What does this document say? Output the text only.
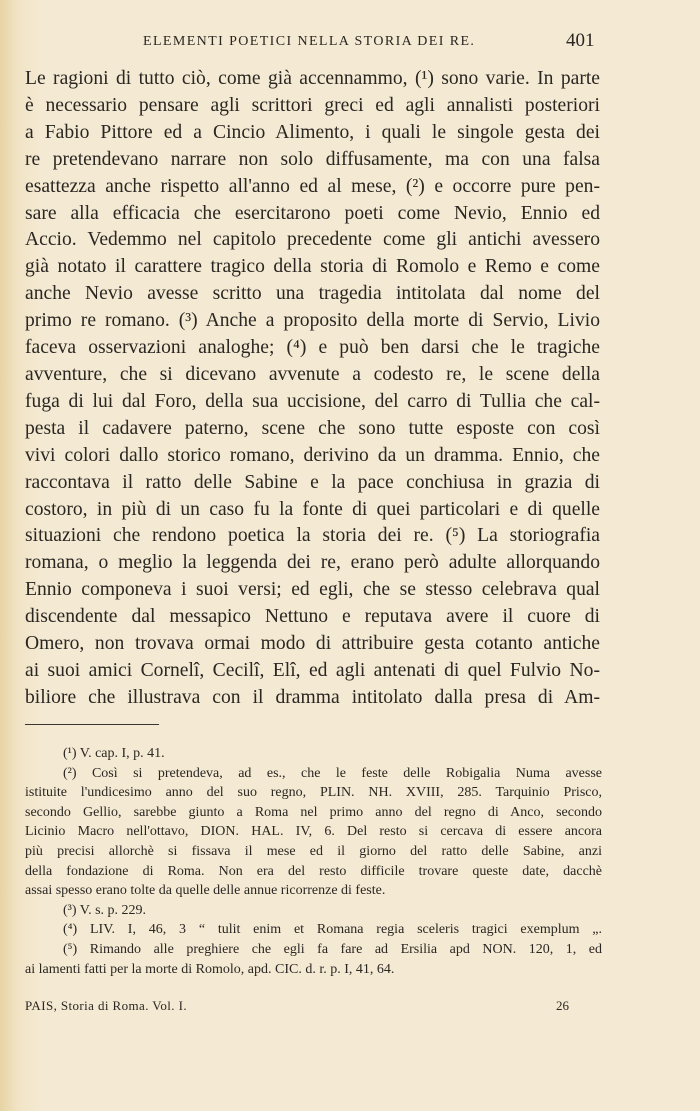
ELEMENTI POETICI NELLA STORIA DEI RE.	401
Le ragioni di tutto ciò, come già accennammo, (¹) sono varie. In parte
è necessario pensare agli scrittori greci ed agli annalisti posteriori
a Fabio Pittore ed a Cincio Alimento, i quali le singole gesta dei
re pretendevano narrare non solo diffusamente, ma con una falsa
esattezza anche rispetto all'anno ed al mese, (²) e occorre pure pen-
sare alla efficacia che esercitarono poeti come Nevio, Ennio ed
Accio. Vedemmo nel capitolo precedente come gli antichi avessero
già notato il carattere tragico della storia di Romolo e Remo e come
anche Nevio avesse scritto una tragedia intitolata dal nome del
primo re romano. (³) Anche a proposito della morte di Servio, Livio
faceva osservazioni analoghe; (⁴) e può ben darsi che le tragiche
avventure, che si dicevano avvenute a codesto re, le scene della
fuga di lui dal Foro, della sua uccisione, del carro di Tullia che cal-
pesta il cadavere paterno, scene che sono tutte esposte con così
vivi colori dallo storico romano, derivino da un dramma. Ennio, che
raccontava il ratto delle Sabine e la pace conchiusa in grazia di
costoro, in più di un caso fu la fonte di quei particolari e di quelle
situazioni che rendono poetica la storia dei re. (⁵) La storiografia
romana, o meglio la leggenda dei re, erano però adulte allorquando
Ennio componeva i suoi versi; ed egli, che se stesso celebrava qual
discendente dal messapico Nettuno e reputava avere il cuore di
Omero, non trovava ormai modo di attribuire gesta cotanto antiche
ai suoi amici Cornelî, Cecilî, Elî, ed agli antenati di quel Fulvio No-
biliore che illustrava con il dramma intitolato dalla presa di Am-
(¹) V. cap. I, p. 41.
(²) Così si pretendeva, ad es., che le feste delle Robigalia Numa avesse
istituite l'undicesimo anno del suo regno, PLIN. NH. XVIII, 285. Tarquinio Prisco,
secondo Gellio, sarebbe giunto a Roma nel primo anno del regno di Anco, secondo
Licinio Macro nell'ottavo, DION. HAL. IV, 6. Del resto si cercava di essere ancora
più precisi allorchè si fissava il mese ed il giorno del ratto delle Sabine, anzi
della fondazione di Roma. Non era del resto difficile trovare queste date, dacchè
assai spesso erano tolte da quelle delle annue ricorrenze di feste.
(³) V. s. p. 229.
(⁴) LIV. I, 46, 3 “ tulit enim et Romana regia sceleris tragici exemplum „.
(⁵) Rimando alle preghiere che egli fa fare ad Ersilia apd NON. 120, 1, ed
ai lamenti fatti per la morte di Romolo, apd. CIC. d. r. p. I, 41, 64.
PAIS, Storia di Roma. Vol. I.	26
